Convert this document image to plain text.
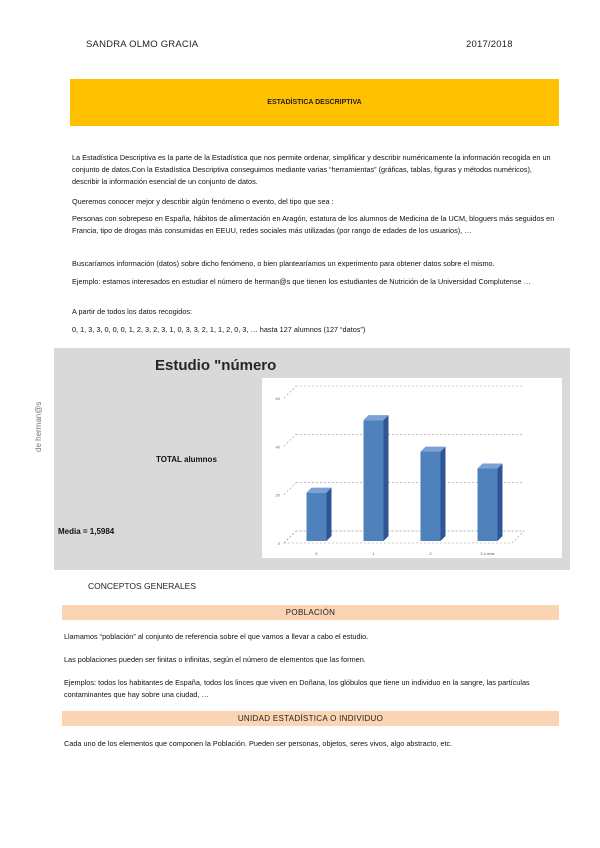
SANDRA OLMO GRACIA	2017/2018
ESTADÍSTICA DESCRIPTIVA
La Estadística Descriptiva es la parte de la Estadística que nos permite ordenar, simplificar y describir numéricamente la información recogida en un conjunto de datos.Con la Estadística Descriptiva conseguimos mediante varias “herramientas” (gráficas, tablas, figuras y métodos numéricos), describir la información esencial de un conjunto de datos.
Queremos conocer mejor y describir algún fenómeno o evento, del tipo que sea :
Personas con sobrepeso en España, hábitos de alimentación en Aragón, estatura de los alumnos de Medicina de la UCM, bloguers más seguidos en Francia, tipo de drogas más consumidas en EEUU, redes sociales más utilizadas (por rango de edades de los usuarios), …
Buscaríamos información (datos) sobre dicho fenómeno, o bien plantearíamos un experimento para obtener datos sobre el mismo.
Ejemplo: estamos interesados en estudiar el número de herman@s que tienen los estudiantes de Nutrición de la Universidad Complutense …
A partir de todos los datos recogidos:
0, 1, 3, 3, 0, 0, 0, 1, 2, 3, 2, 3, 1, 0, 3, 3, 2, 1, 1, 2, 0, 3, … hasta 127 alumnos (127 “datos”)
Estudio "número
de herman@s
TOTAL alumnos
Media = 1,5984
0
20
40
60
0	1	2	3 o más
CONCEPTOS GENERALES
POBLACIÓN
Llamamos “población” al conjunto de referencia sobre el que vamos a llevar a cabo el estudio.
Las poblaciones pueden ser finitas o infinitas, según el número de elementos que las formen.
Ejemplos: todos los habitantes de España, todos los linces que viven en Doñana, los glóbulos que tiene un individuo en la sangre, las partículas contaminantes que hay sobre una ciudad, …
UNIDAD ESTADÍSTICA O INDIVIDUO
Cada uno de los elementos que componen la Población. Pueden ser personas, objetos, seres vivos, algo abstracto, etc.
